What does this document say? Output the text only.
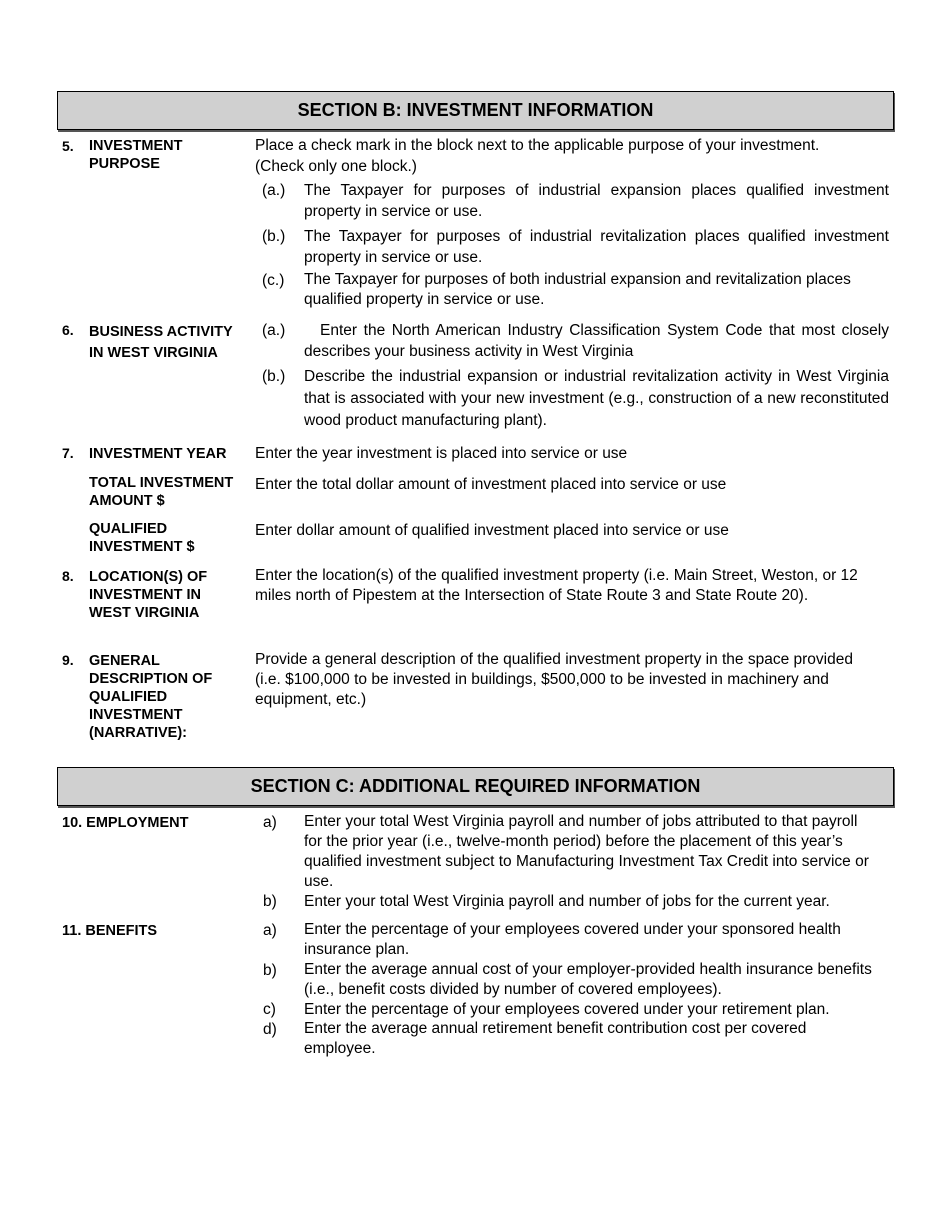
SECTION B: INVESTMENT INFORMATION
5. INVESTMENT
PURPOSE
Place a check mark in the block next to the applicable purpose of your investment.
(Check only one block.)
(a.) The Taxpayer for purposes of industrial expansion places qualified investment property in service or use.
(b.) The Taxpayer for purposes of industrial revitalization places qualified investment property in service or use.
(c.) The Taxpayer for purposes of both industrial expansion and revitalization places qualified property in service or use.
6. BUSINESS ACTIVITY
IN WEST VIRGINIA
(a.)	Enter the North American Industry Classification System Code that most closely describes your business activity in West Virginia
(b.) Describe the industrial expansion or industrial revitalization activity in West Virginia that is associated with your new investment (e.g., construction of a new reconstituted wood product manufacturing plant).
7. INVESTMENT YEAR Enter the year investment is placed into service or use
TOTAL INVESTMENT
AMOUNT $
Enter the total dollar amount of investment placed into service or use
QUALIFIED
INVESTMENT $
Enter dollar amount of qualified investment placed into service or use
8. LOCATION(S) OF
INVESTMENT IN
WEST VIRGINIA
Enter the location(s) of the qualified investment property (i.e. Main Street, Weston, or 12 miles north of Pipestem at the Intersection of State Route 3 and State Route 20).
9. GENERAL
DESCRIPTION OF
QUALIFIED
INVESTMENT
(NARRATIVE):
Provide a general description of the qualified investment property in the space provided (i.e. $100,000 to be invested in buildings, $500,000 to be invested in machinery and equipment, etc.)
SECTION C: ADDITIONAL REQUIRED INFORMATION
10. EMPLOYMENT	a) Enter your total West Virginia payroll and number of jobs attributed to that payroll for the prior year (i.e., twelve-month period) before the placement of this year’s qualified investment subject to Manufacturing Investment Tax Credit into service or use.
b) Enter your total West Virginia payroll and number of jobs for the current year.
11. BENEFITS	a) Enter the percentage of your employees covered under your sponsored health insurance plan.
b) Enter the average annual cost of your employer-provided health insurance benefits (i.e., benefit costs divided by number of covered employees).
c) Enter the percentage of your employees covered under your retirement plan.
d) Enter the average annual retirement benefit contribution cost per covered employee.
